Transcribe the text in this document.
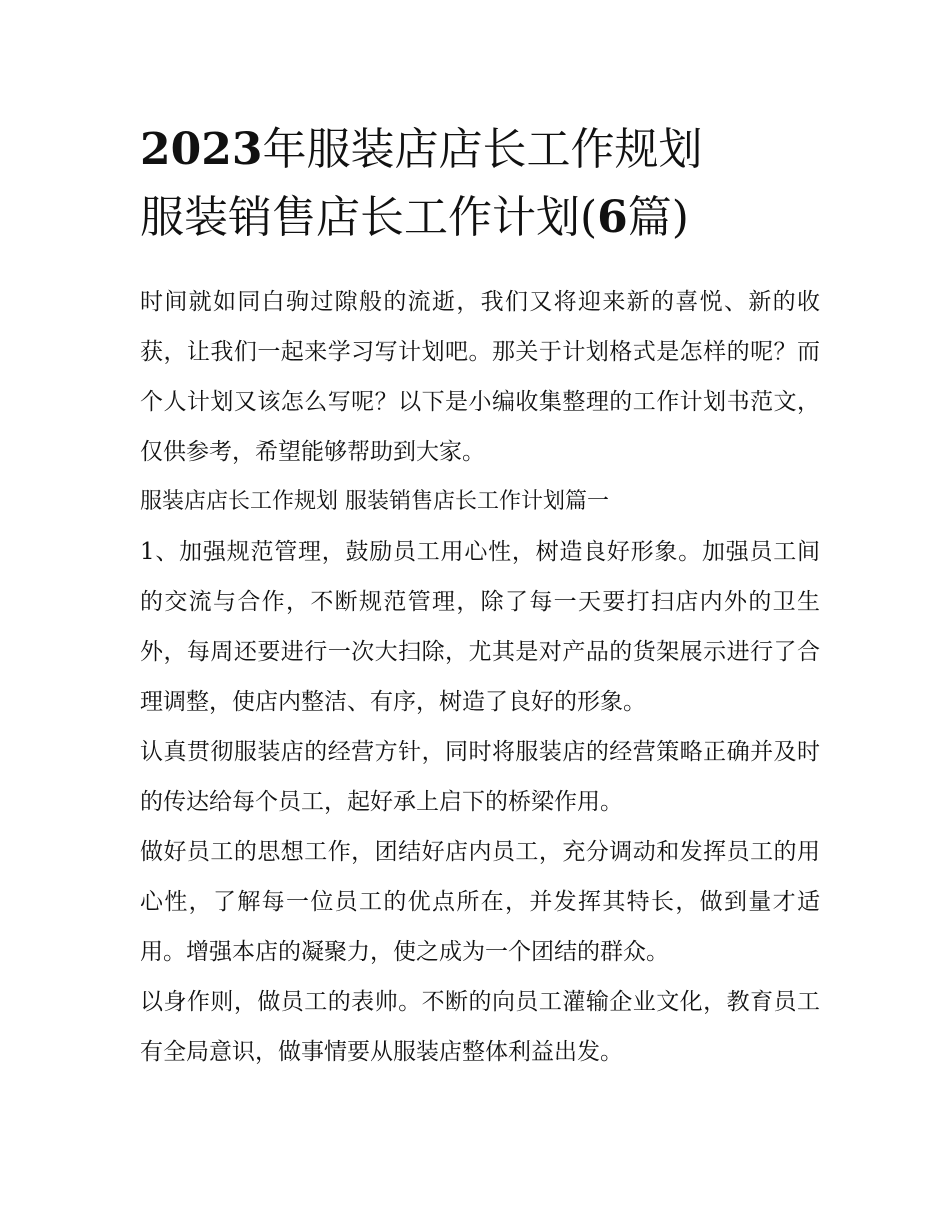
2023年服装店店长工作规划
服装销售店长工作计划(6篇)

时间就如同白驹过隙般的流逝，我们又将迎来新的喜悦、新的收获，让我们一起来学习写计划吧。那关于计划格式是怎样的呢？而个人计划又该怎么写呢？以下是小编收集整理的工作计划书范文，仅供参考，希望能够帮助到大家。

服装店店长工作规划 服装销售店长工作计划篇一

1、加强规范管理，鼓励员工用心性，树造良好形象。加强员工间的交流与合作，不断规范管理，除了每一天要打扫店内外的卫生外，每周还要进行一次大扫除，尤其是对产品的货架展示进行了合理调整，使店内整洁、有序，树造了良好的形象。

认真贯彻服装店的经营方针，同时将服装店的经营策略正确并及时的传达给每个员工，起好承上启下的桥梁作用。

做好员工的思想工作，团结好店内员工，充分调动和发挥员工的用心性，了解每一位员工的优点所在，并发挥其特长，做到量才适用。增强本店的凝聚力，使之成为一个团结的群众。

以身作则，做员工的表帅。不断的向员工灌输企业文化，教育员工有全局意识，做事情要从服装店整体利益出发。
